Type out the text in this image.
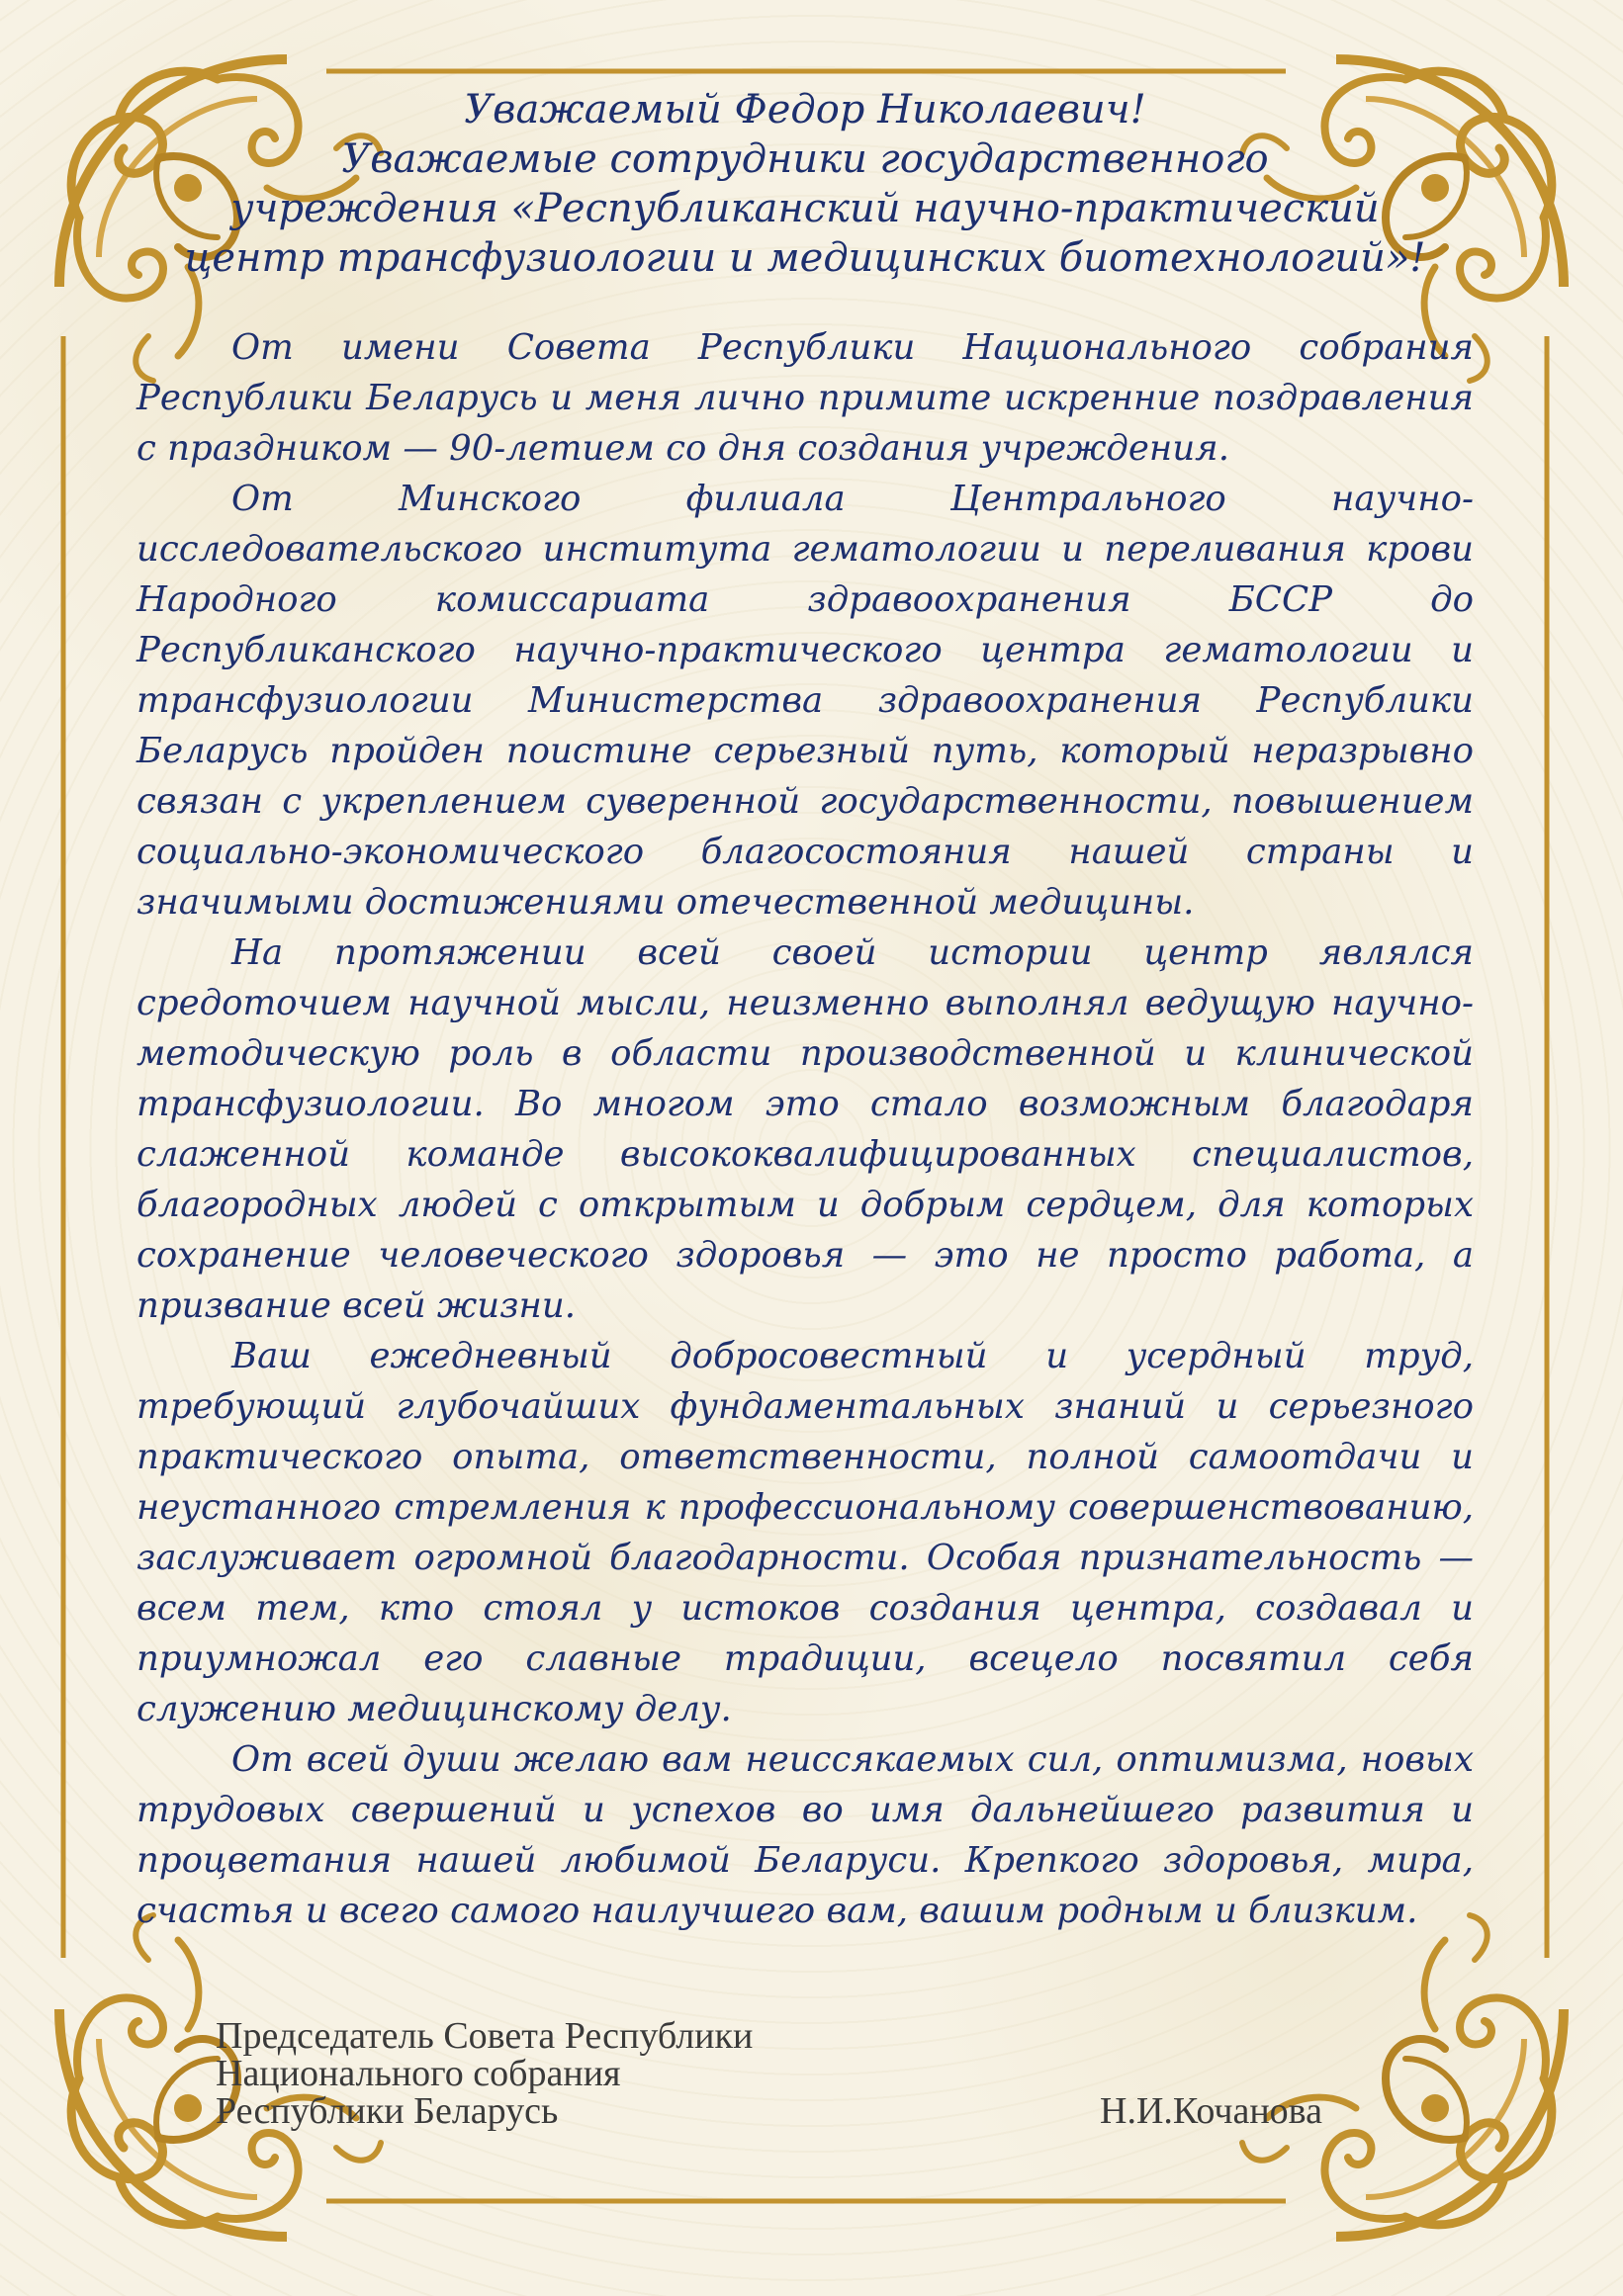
Уважаемый Федор Николаевич!
Уважаемые сотрудники государственного
учреждения «Республиканский научно-практический
центр трансфузиологии и медицинских биотехнологий»!

От имени Совета Республики Национального собрания Республики Беларусь и меня лично примите искренние поздравления с праздником — 90-летием со дня создания учреждения.

От Минского филиала Центрального научно-исследовательского института гематологии и переливания крови Народного комиссариата здравоохранения БССР до Республиканского научно-практического центра гематологии и трансфузиологии Министерства здравоохранения Республики Беларусь пройден поистине серьезный путь, который неразрывно связан с укреплением суверенной государственности, повышением социально-экономического благосостояния нашей страны и значимыми достижениями отечественной медицины.

На протяжении всей своей истории центр являлся средоточием научной мысли, неизменно выполнял ведущую научно-методическую роль в области производственной и клинической трансфузиологии. Во многом это стало возможным благодаря слаженной команде высококвалифицированных специалистов, благородных людей с открытым и добрым сердцем, для которых сохранение человеческого здоровья — это не просто работа, а призвание всей жизни.

Ваш ежедневный добросовестный и усердный труд, требующий глубочайших фундаментальных знаний и серьезного практического опыта, ответственности, полной самоотдачи и неустанного стремления к профессиональному совершенствованию, заслуживает огромной благодарности. Особая признательность — всем тем, кто стоял у истоков создания центра, создавал и приумножал его славные традиции, всецело посвятил себя служению медицинскому делу.

От всей души желаю вам неиссякаемых сил, оптимизма, новых трудовых свершений и успехов во имя дальнейшего развития и процветания нашей любимой Беларуси. Крепкого здоровья, мира, счастья и всего самого наилучшего вам, вашим родным и близким.

Председатель Совета Республики
Национального собрания
Республики Беларусь	Н.И.Кочанова
